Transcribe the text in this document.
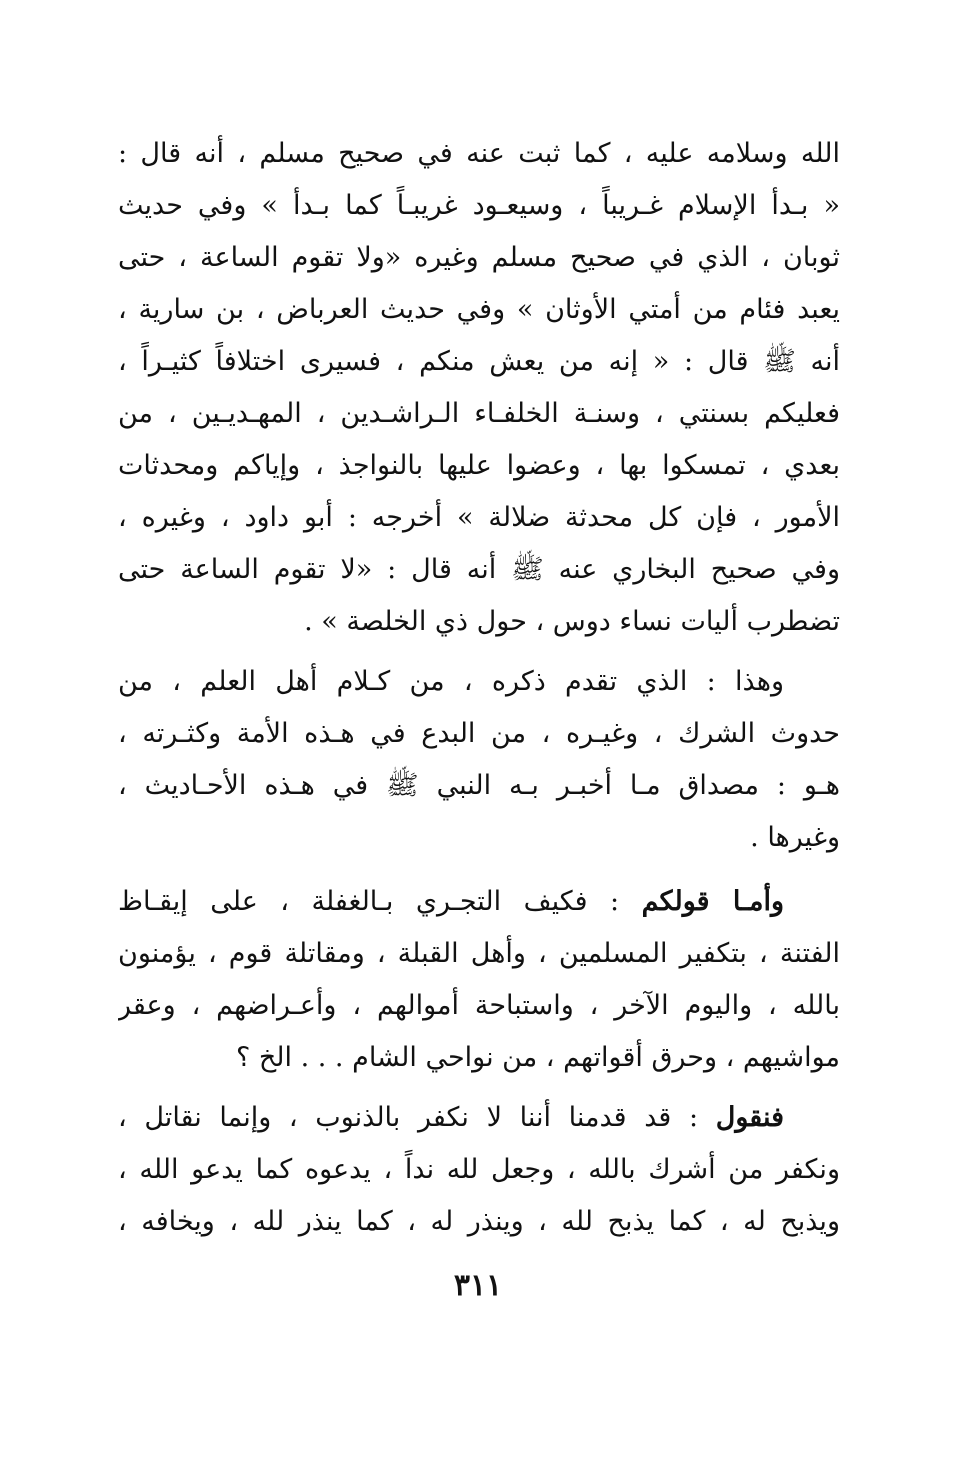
الله وسلامه عليه ، كما ثبت عنه في صحيح مسلم ، أنه قال :
« بـدأ الإسلام غـريباً ، وسيعـود غريبـاً كما بـدأ » وفي حديث
ثوبان ، الذي في صحيح مسلم وغيره «ولا تقوم الساعة ، حتى
يعبد فئام من أمتي الأوثان » وفي حديث العرباض ، بن سارية ،
أنه ﷺ قال : « إنه من يعش منكم ، فسيرى اختلافاً كثيـراً ،
فعليكم بسنتي ، وسنـة الخلفـاء الـراشـدين ، المهـديـين ، من
بعدي ، تمسكوا بها ، وعضوا عليها بالنواجذ ، وإياكم ومحدثات
الأمور ، فإن كل محدثة ضلالة » أخرجه : أبو داود ، وغيره ،
وفي صحيح البخاري عنه ﷺ أنه قال : «لا تقوم الساعة حتى
تضطرب أليات نساء دوس ، حول ذي الخلصة » .
وهذا : الذي تقدم ذكره ، من كـلام أهل العلم ، من
حدوث الشرك ، وغيـره ، من البدع في هـذه الأمة وكثـرته ،
هـو : مصداق مـا أخبـر بـه النبي ﷺ في هـذه الأحـاديث ،
وغيرها .
وأمـا قولكم : فكيف التجـري بـالغفلة ، على إيقـاظ
الفتنة ، بتكفير المسلمين ، وأهل القبلة ، ومقاتلة قوم ، يؤمنون
بالله ، واليوم الآخر ، واستباحة أموالهم ، وأعـراضهم ، وعقر
مواشيهم ، وحرق أقواتهم ، من نواحي الشام . . . الخ ؟
فنقول : قد قدمنا أننا لا نكفر بالذنوب ، وإنما نقاتل ،
ونكفر من أشرك بالله ، وجعل لله نداً ، يدعوه كما يدعو الله ،
ويذبح له ، كما يذبح لله ، وينذر له ، كما ينذر لله ، ويخافه ،
٣١١
